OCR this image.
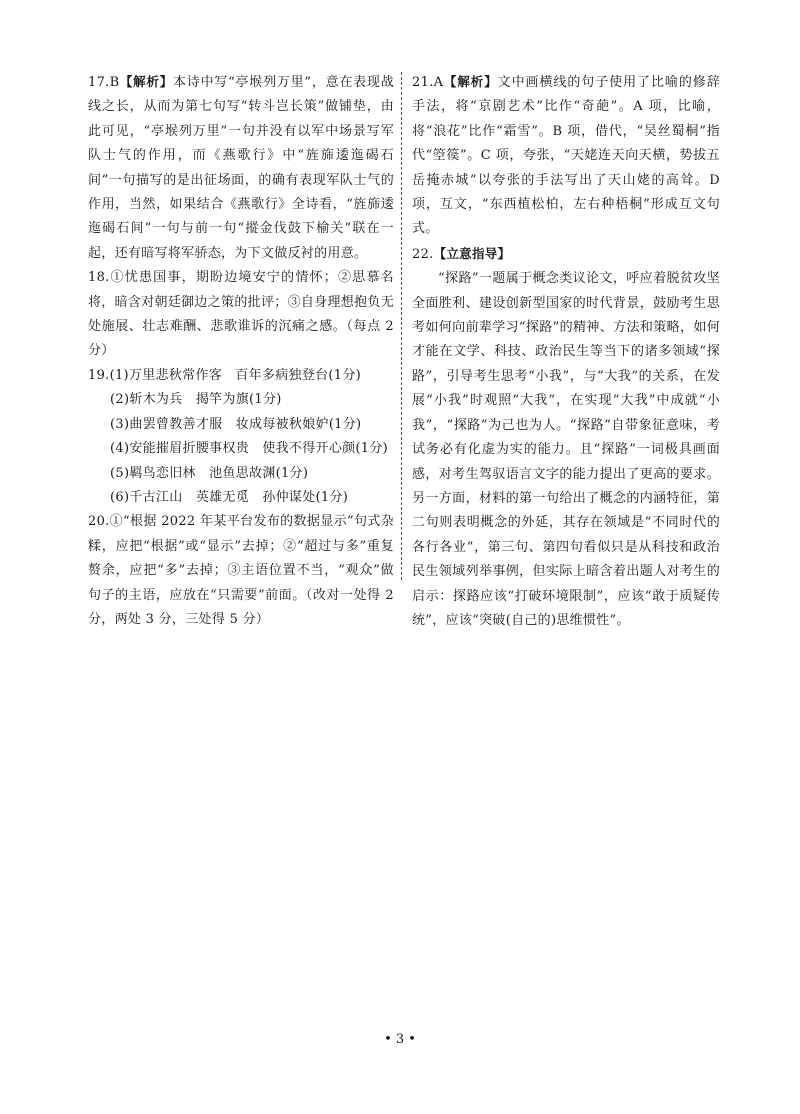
17.B【解析】本诗中写“亭堠列万里”，意在表现战线之长，从而为第七句写“转斗岂长策”做铺垫，由此可见，“亭堠列万里”一句并没有以军中场景写军队士气的作用，而《燕歌行》中“旌旆逶迤碣石间”一句描写的是出征场面，的确有表现军队士气的作用，当然，如果结合《燕歌行》全诗看，“旌旆逶迤碣石间”一句与前一句“摐金伐鼓下榆关”联在一起，还有暗写将军骄态，为下文做反衬的用意。
18.①忧患国事，期盼边境安宁的情怀；②思慕名将，暗含对朝廷御边之策的批评；③自身理想抱负无处施展、壮志难酬、悲歌谁诉的沉痛之感。（每点 2 分）
19.(1)万里悲秋常作客　百年多病独登台(1分)
(2)斩木为兵　揭竿为旗(1分)
(3)曲罢曾教善才服　妆成每被秋娘妒(1分)
(4)安能摧眉折腰事权贵　使我不得开心颜(1分)
(5)羁鸟恋旧林　池鱼思故渊(1分)
(6)千古江山　英雄无觅　孙仲谋处(1分)
20.①“根据 2022 年某平台发布的数据显示”句式杂糅，应把“根据”或“显示”去掉；②“超过与多”重复赘余，应把“多”去掉；③主语位置不当，“观众”做句子的主语，应放在“只需要”前面。（改对一处得 2 分，两处 3 分，三处得 5 分）
21.A【解析】文中画横线的句子使用了比喻的修辞手法，将“京剧艺术”比作“奇葩”。A 项，比喻，将“浪花”比作“霜雪”。B 项，借代，“吴丝蜀桐”指代“箜篌”。C 项，夸张，“天姥连天向天横，势拔五岳掩赤城”以夸张的手法写出了天山姥的高耸。D 项，互文，“东西植松柏，左右种梧桐”形成互文句式。
22.【立意指导】
“探路”一题属于概念类议论文，呼应着脱贫攻坚全面胜利、建设创新型国家的时代背景，鼓励考生思考如何向前辈学习“探路”的精神、方法和策略，如何才能在文学、科技、政治民生等当下的诸多领域“探路”，引导考生思考“小我”，与“大我”的关系，在发展“小我”时观照“大我”，在实现“大我”中成就“小我”，“探路”为己也为人。“探路”自带象征意味，考试务必有化虚为实的能力。且“探路”一词极具画面感，对考生驾驭语言文字的能力提出了更高的要求。另一方面，材料的第一句给出了概念的内涵特征，第二句则表明概念的外延，其存在领域是“不同时代的各行各业”，第三句、第四句看似只是从科技和政治民生领域列举事例，但实际上暗含着出题人对考生的启示：探路应该“打破环境限制”，应该“敢于质疑传统”，应该“突破(自己的)思维惯性”。
• 3 •
